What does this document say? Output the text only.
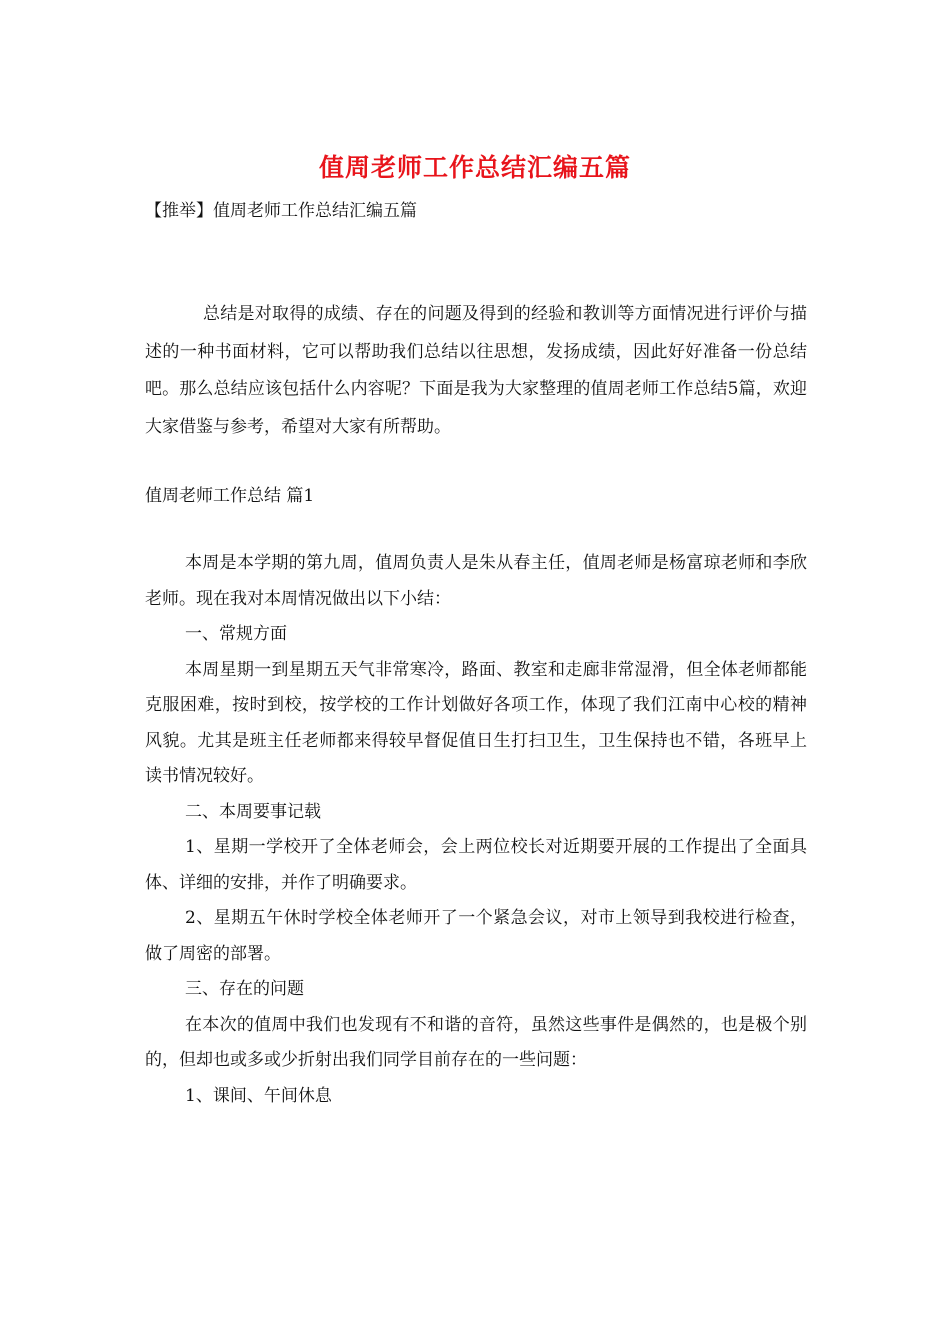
值周老师工作总结汇编五篇

【推举】值周老师工作总结汇编五篇

总结是对取得的成绩、存在的问题及得到的经验和教训等方面情况进行评价与描述的一种书面材料，它可以帮助我们总结以往思想，发扬成绩，因此好好准备一份总结吧。那么总结应该包括什么内容呢？下面是我为大家整理的值周老师工作总结5篇，欢迎大家借鉴与参考，希望对大家有所帮助。

值周老师工作总结 篇1

本周是本学期的第九周，值周负责人是朱从春主任，值周老师是杨富琼老师和李欣老师。现在我对本周情况做出以下小结：

一、常规方面

本周星期一到星期五天气非常寒冷，路面、教室和走廊非常湿滑，但全体老师都能克服困难，按时到校，按学校的工作计划做好各项工作，体现了我们江南中心校的精神风貌。尤其是班主任老师都来得较早督促值日生打扫卫生，卫生保持也不错，各班早上读书情况较好。

二、本周要事记载

1、星期一学校开了全体老师会，会上两位校长对近期要开展的工作提出了全面具体、详细的安排，并作了明确要求。

2、星期五午休时学校全体老师开了一个紧急会议，对市上领导到我校进行检查，做了周密的部署。

三、存在的问题

在本次的值周中我们也发现有不和谐的音符，虽然这些事件是偶然的，也是极个别的，但却也或多或少折射出我们同学目前存在的一些问题：

1、课间、午间休息
